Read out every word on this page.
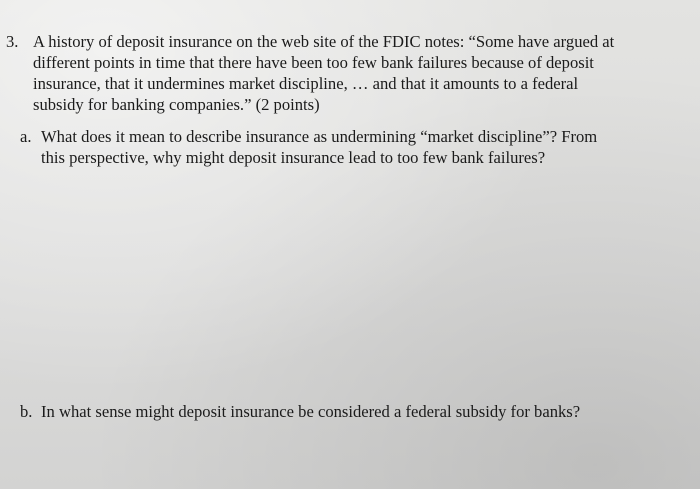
3. A history of deposit insurance on the web site of the FDIC notes: “Some have argued at
different points in time that there have been too few bank failures because of deposit
insurance, that it undermines market discipline, … and that it amounts to a federal
subsidy for banking companies.” (2 points)
a. What does it mean to describe insurance as undermining “market discipline”? From
this perspective, why might deposit insurance lead to too few bank failures?
b. In what sense might deposit insurance be considered a federal subsidy for banks?
